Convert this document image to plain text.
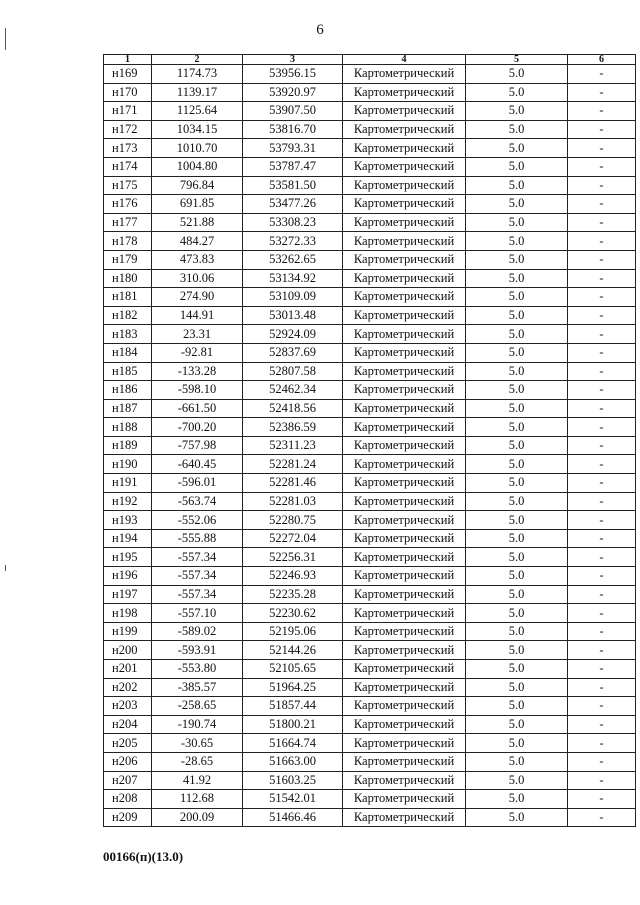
6
1	2	3	4	5	6
н169	1174.73	53956.15	Картометрический	5.0	-
н170	1139.17	53920.97	Картометрический	5.0	-
н171	1125.64	53907.50	Картометрический	5.0	-
н172	1034.15	53816.70	Картометрический	5.0	-
н173	1010.70	53793.31	Картометрический	5.0	-
н174	1004.80	53787.47	Картометрический	5.0	-
н175	796.84	53581.50	Картометрический	5.0	-
н176	691.85	53477.26	Картометрический	5.0	-
н177	521.88	53308.23	Картометрический	5.0	-
н178	484.27	53272.33	Картометрический	5.0	-
н179	473.83	53262.65	Картометрический	5.0	-
н180	310.06	53134.92	Картометрический	5.0	-
н181	274.90	53109.09	Картометрический	5.0	-
н182	144.91	53013.48	Картометрический	5.0	-
н183	23.31	52924.09	Картометрический	5.0	-
н184	-92.81	52837.69	Картометрический	5.0	-
н185	-133.28	52807.58	Картометрический	5.0	-
н186	-598.10	52462.34	Картометрический	5.0	-
н187	-661.50	52418.56	Картометрический	5.0	-
н188	-700.20	52386.59	Картометрический	5.0	-
н189	-757.98	52311.23	Картометрический	5.0	-
н190	-640.45	52281.24	Картометрический	5.0	-
н191	-596.01	52281.46	Картометрический	5.0	-
н192	-563.74	52281.03	Картометрический	5.0	-
н193	-552.06	52280.75	Картометрический	5.0	-
н194	-555.88	52272.04	Картометрический	5.0	-
н195	-557.34	52256.31	Картометрический	5.0	-
н196	-557.34	52246.93	Картометрический	5.0	-
н197	-557.34	52235.28	Картометрический	5.0	-
н198	-557.10	52230.62	Картометрический	5.0	-
н199	-589.02	52195.06	Картометрический	5.0	-
н200	-593.91	52144.26	Картометрический	5.0	-
н201	-553.80	52105.65	Картометрический	5.0	-
н202	-385.57	51964.25	Картометрический	5.0	-
н203	-258.65	51857.44	Картометрический	5.0	-
н204	-190.74	51800.21	Картометрический	5.0	-
н205	-30.65	51664.74	Картометрический	5.0	-
н206	-28.65	51663.00	Картометрический	5.0	-
н207	41.92	51603.25	Картометрический	5.0	-
н208	112.68	51542.01	Картометрический	5.0	-
н209	200.09	51466.46	Картометрический	5.0	-
00166(п)(13.0)
